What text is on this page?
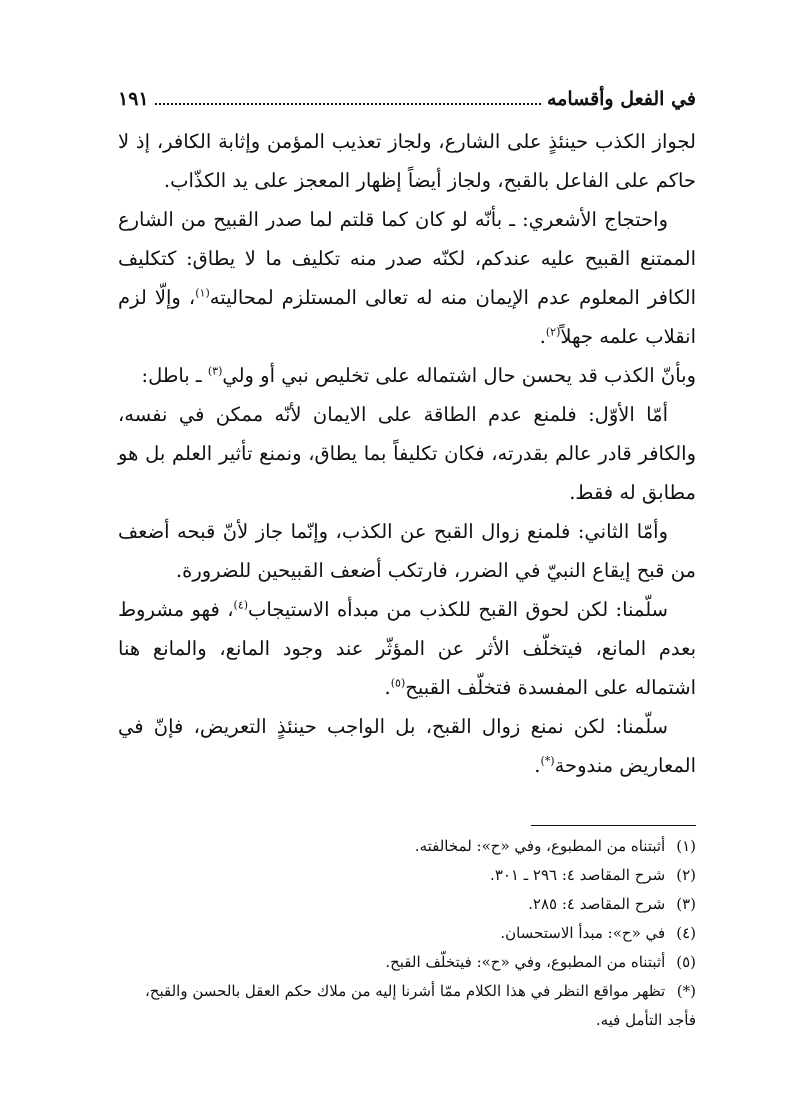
في الفعل وأقسامه
١٩١

لجواز الكذب حينئذٍ على الشارع، ولجاز تعذيب المؤمن وإثابة الكافر، إذ لا حاكم على الفاعل بالقبح، ولجاز أيضاً إظهار المعجز على يد الكذّاب.

واحتجاج الأشعري: ـ بأنّه لو كان كما قلتم لما صدر القبيح من الشارع الممتنع القبيح عليه عندكم، لكنّه صدر منه تكليف ما لا يطاق: كتكليف الكافر المعلوم عدم الإيمان منه له تعالى المستلزم لمحاليته$^{(١)}$، وإلّا لزم انقلاب علمه جهلاً$^{(٢)}$.

وبأنّ الكذب قد يحسن حال اشتماله على تخليص نبي أو ولي$^{(٣)}$ ـ باطل:

أمّا الأوّل: فلمنع عدم الطاقة على الايمان لأنّه ممكن في نفسه، والكافر قادر عالم بقدرته، فكان تكليفاً بما يطاق، ونمنع تأثير العلم بل هو مطابق له فقط.

وأمّا الثاني: فلمنع زوال القبح عن الكذب، وإنّما جاز لأنّ قبحه أضعف من قبح إيقاع النبيّ في الضرر، فارتكب أضعف القبيحين للضرورة.

سلّمنا: لكن لحوق القبح للكذب من مبدأه الاستيجاب$^{(٤)}$، فهو مشروط بعدم المانع، فيتخلّف الأثر عن المؤثّر عند وجود المانع، والمانع هنا اشتماله على المفسدة فتخلّف القبيح$^{(٥)}$.

سلّمنا: لكن نمنع زوال القبح، بل الواجب حينئذٍ التعريض، فإنّ في المعاريض مندوحة(*).

(١) أثبتناه من المطبوع، وفي «ح»: لمخالفته.

(٢) شرح المقاصد ٤: ٢٩٦ ـ ٣٠١.

(٣) شرح المقاصد ٤: ٢٨٥.

(٤) في «ح»: مبدأ الاستحسان.

(٥) أثبتناه من المطبوع، وفي «ح»: فيتخلّف القبح.

(*) تظهر مواقع النظر في هذا الكلام ممّا أشرنا إليه من ملاك حكم العقل بالحسن والقبح، فأجد التأمل فيه.
